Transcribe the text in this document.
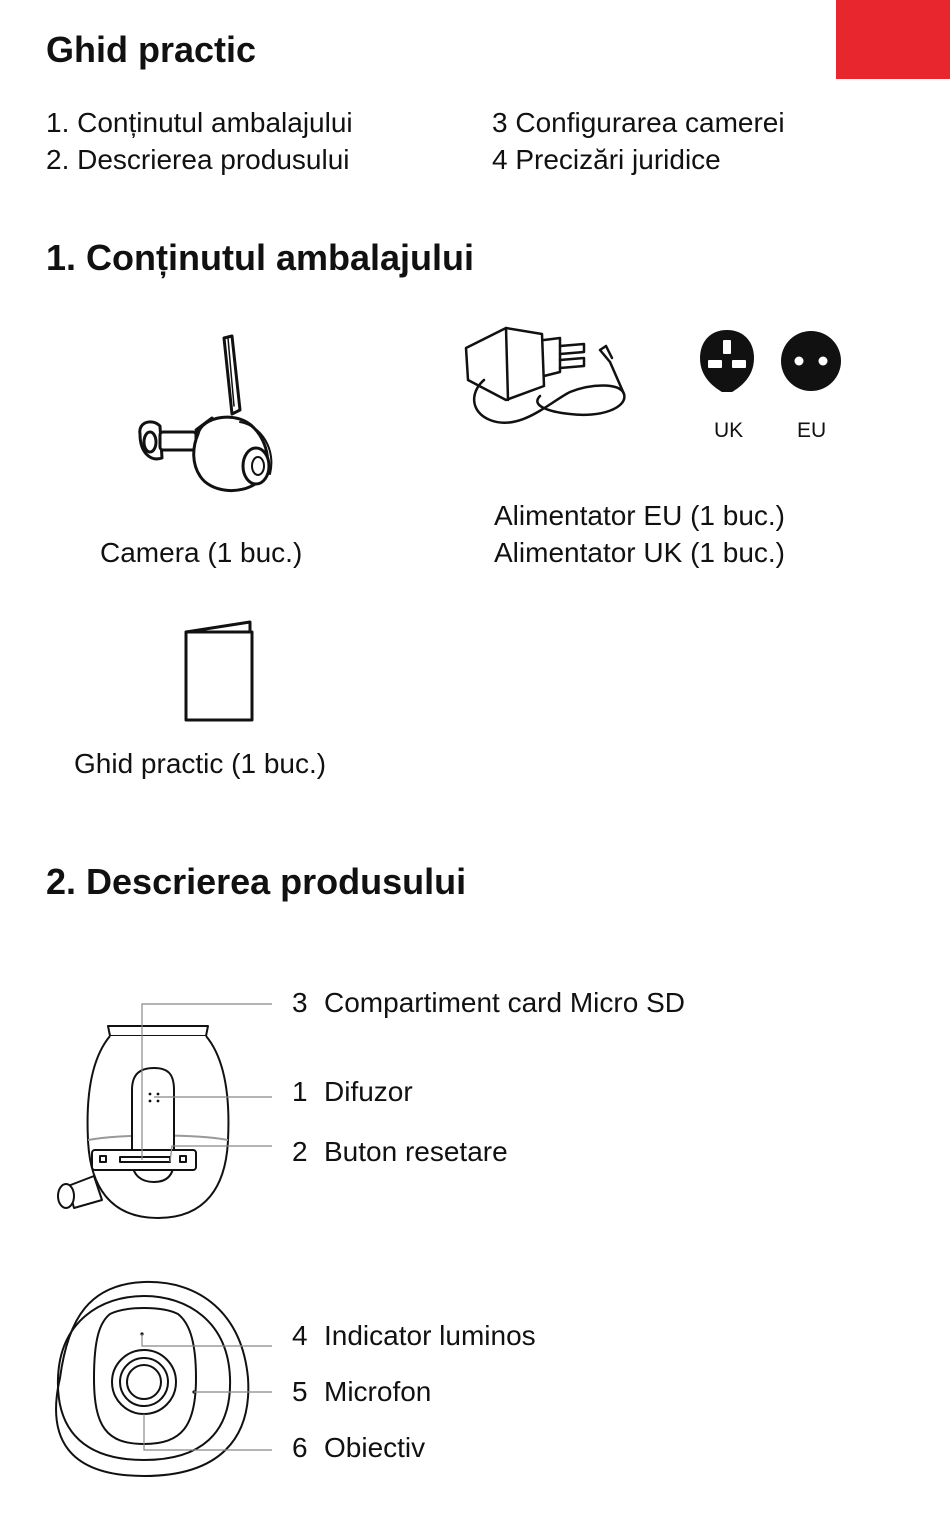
Ghid practic
1. Conținutul ambalajului
2. Descrierea produsului
3 Configurarea camerei
4 Precizări juridice
1. Conținutul ambalajului
Camera (1 buc.)
UK	EU
Alimentator EU (1 buc.)
Alimentator UK (1 buc.)
Ghid practic (1 buc.)
2. Descrierea produsului
3 Compartiment card Micro SD
1 Difuzor
2 Buton resetare
4 Indicator luminos
5 Microfon
6 Obiectiv
